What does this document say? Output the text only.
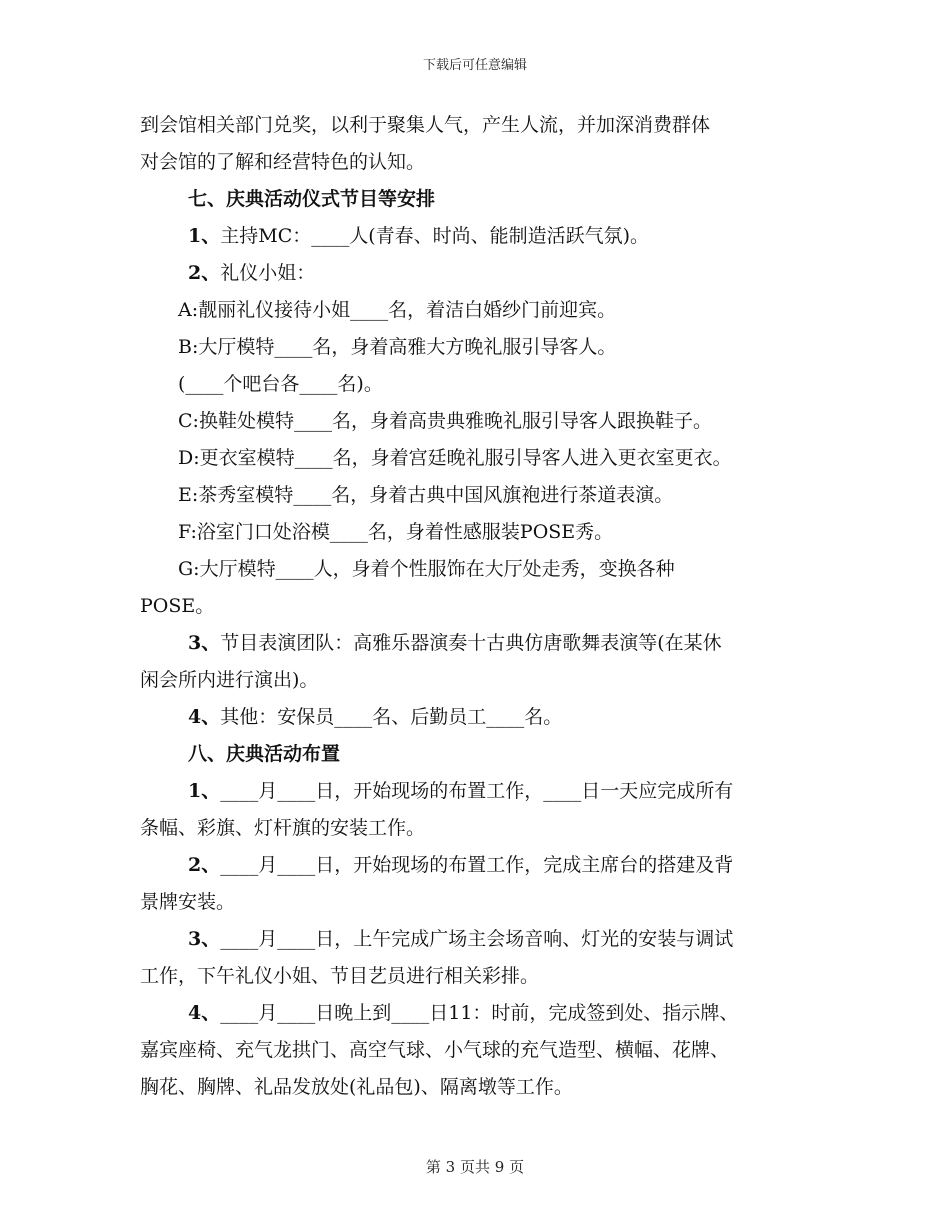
下载后可任意编辑
到会馆相关部门兑奖，以利于聚集人气，产生人流，并加深消费群体
对会馆的了解和经营特色的认知。
七、庆典活动仪式节目等安排
1、主持MC：____人(青春、时尚、能制造活跃气氛)。
2、礼仪小姐：
A:靓丽礼仪接待小姐____名，着洁白婚纱门前迎宾。
B:大厅模特____名，身着高雅大方晚礼服引导客人。
(____个吧台各____名)。
C:换鞋处模特____名，身着高贵典雅晚礼服引导客人跟换鞋子。
D:更衣室模特____名，身着宫廷晚礼服引导客人进入更衣室更衣。
E:茶秀室模特____名，身着古典中国风旗袍进行茶道表演。
F:浴室门口处浴模____名，身着性感服装POSE秀。
G:大厅模特____人，身着个性服饰在大厅处走秀，变换各种
POSE。
3、节目表演团队：高雅乐器演奏十古典仿唐歌舞表演等(在某休
闲会所内进行演出)。
4、其他：安保员____名、后勤员工____名。
八、庆典活动布置
1、____月____日，开始现场的布置工作，____日一天应完成所有
条幅、彩旗、灯杆旗的安装工作。
2、____月____日，开始现场的布置工作，完成主席台的搭建及背
景牌安装。
3、____月____日，上午完成广场主会场音响、灯光的安装与调试
工作，下午礼仪小姐、节目艺员进行相关彩排。
4、____月____日晚上到____日11：时前，完成签到处、指示牌、
嘉宾座椅、充气龙拱门、高空气球、小气球的充气造型、横幅、花牌、
胸花、胸牌、礼品发放处(礼品包)、隔离墩等工作。
第 3 页共 9 页
